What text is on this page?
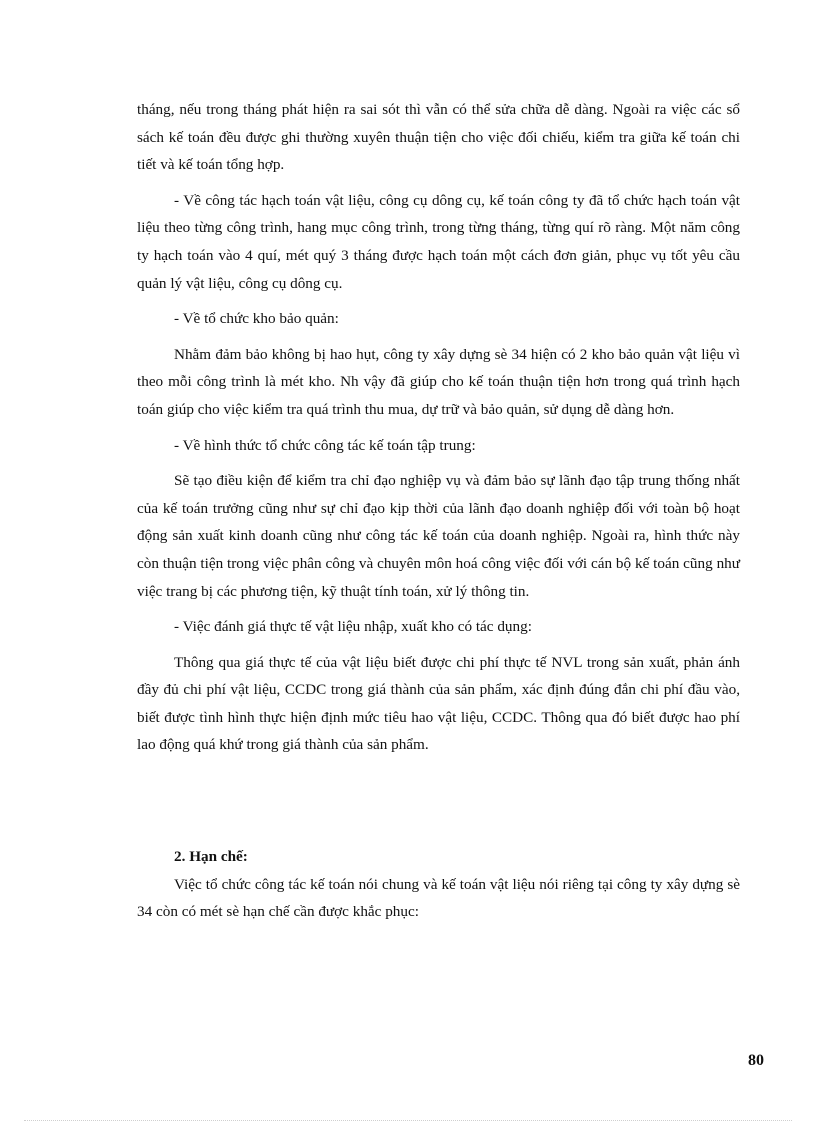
tháng, nếu trong tháng phát hiện ra sai sót thì vẫn có thể sửa chữa dễ dàng. Ngoài ra việc các sổ sách kế toán đều được ghi thường xuyên thuận tiện cho việc đối chiếu, kiểm tra giữa kế toán chi tiết và kế toán tổng hợp.

- Về công tác hạch toán vật liệu, công cụ dông cụ, kế toán công ty đã tổ chức hạch toán vật liệu theo từng công trình, hang mục công trình, trong từng tháng, từng quí rõ ràng. Một năm công ty hạch toán vào 4 quí, mét quý 3 tháng được hạch toán một cách đơn giản, phục vụ tốt yêu cầu quản lý vật liệu, công cụ dông cụ.

- Về tổ chức kho bảo quản:

Nhằm đảm bảo không bị hao hụt, công ty xây dựng sè 34 hiện có 2 kho bảo quản vật liệu vì theo mỗi công trình là mét kho. Nh vậy đã giúp cho kế toán thuận tiện hơn trong quá trình hạch toán giúp cho việc kiểm tra quá trình thu mua, dự trữ và bảo quản, sử dụng dễ dàng hơn.

- Về hình thức tổ chức công tác kế toán tập trung:

Sẽ tạo điều kiện để kiểm tra chỉ đạo nghiệp vụ và đảm bảo sự lãnh đạo tập trung thống nhất của kế toán trưởng cũng như sự chỉ đạo kịp thời của lãnh đạo doanh nghiệp đối với toàn bộ hoạt động sản xuất kinh doanh cũng như công tác kế toán của doanh nghiệp. Ngoài ra, hình thức này còn thuận tiện trong việc phân công và chuyên môn hoá công việc đối với cán bộ kế toán cũng như việc trang bị các phương tiện, kỹ thuật tính toán, xử lý thông tin.

- Việc đánh giá thực tế vật liệu nhập, xuất kho có tác dụng:

Thông qua giá thực tế của vật liệu biết được chi phí thực tế NVL trong sản xuất, phản ánh đầy đủ chi phí vật liệu, CCDC trong giá thành của sản phẩm, xác định đúng đắn chi phí đầu vào, biết được tình hình thực hiện định mức tiêu hao vật liệu, CCDC. Thông qua đó biết được hao phí lao động quá khứ trong giá thành của sản phẩm.

2. Hạn chế:

Việc tổ chức công tác kế toán nói chung và kế toán vật liệu nói riêng tại công ty xây dựng sè 34 còn có mét sè hạn chế cần được khắc phục:

80
